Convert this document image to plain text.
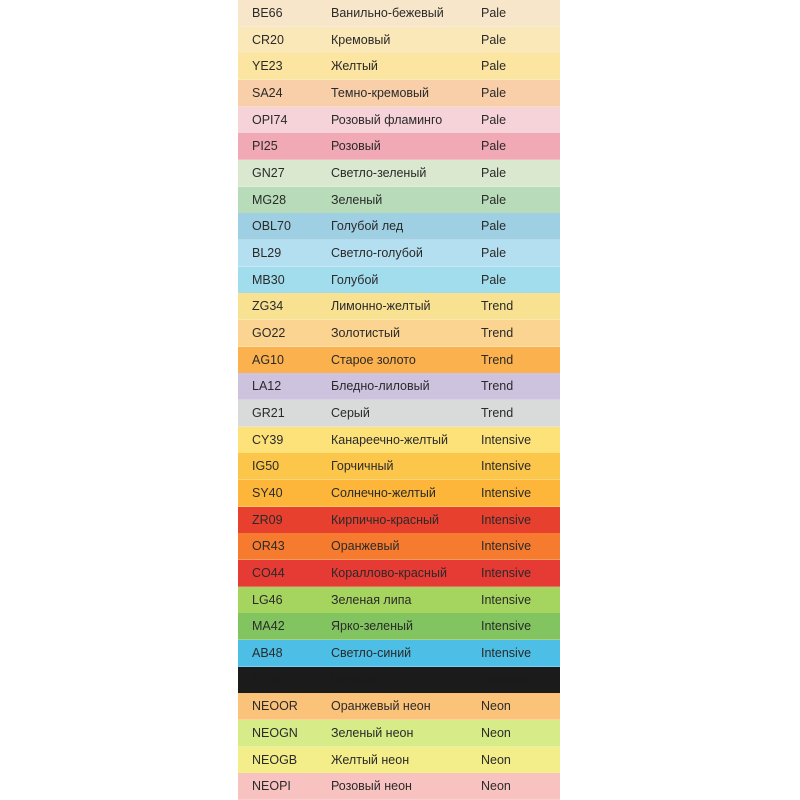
BE66	Ванильно-бежевый	Pale
CR20	Кремовый	Pale
YE23	Желтый	Pale
SA24	Темно-кремовый	Pale
OPI74	Розовый фламинго	Pale
PI25	Розовый	Pale
GN27	Светло-зеленый	Pale
MG28	Зеленый	Pale
OBL70	Голубой лед	Pale
BL29	Светло-голубой	Pale
MB30	Голубой	Pale
ZG34	Лимонно-желтый	Trend
GO22	Золотистый	Trend
AG10	Старое золото	Trend
LA12	Бледно-лиловый	Trend
GR21	Серый	Trend
CY39	Канареечно-желтый	Intensive
IG50	Горчичный	Intensive
SY40	Солнечно-желтый	Intensive
ZR09	Кирпично-красный	Intensive
OR43	Оранжевый	Intensive
CO44	Кораллово-красный	Intensive
LG46	Зеленая липа	Intensive
MA42	Ярко-зеленый	Intensive
AB48	Светло-синий	Intensive
B100	Черный	Intensive
NEOOR	Оранжевый неон	Neon
NEOGN	Зеленый неон	Neon
NEOGB	Желтый неон	Neon
NEOPI	Розовый неон	Neon
